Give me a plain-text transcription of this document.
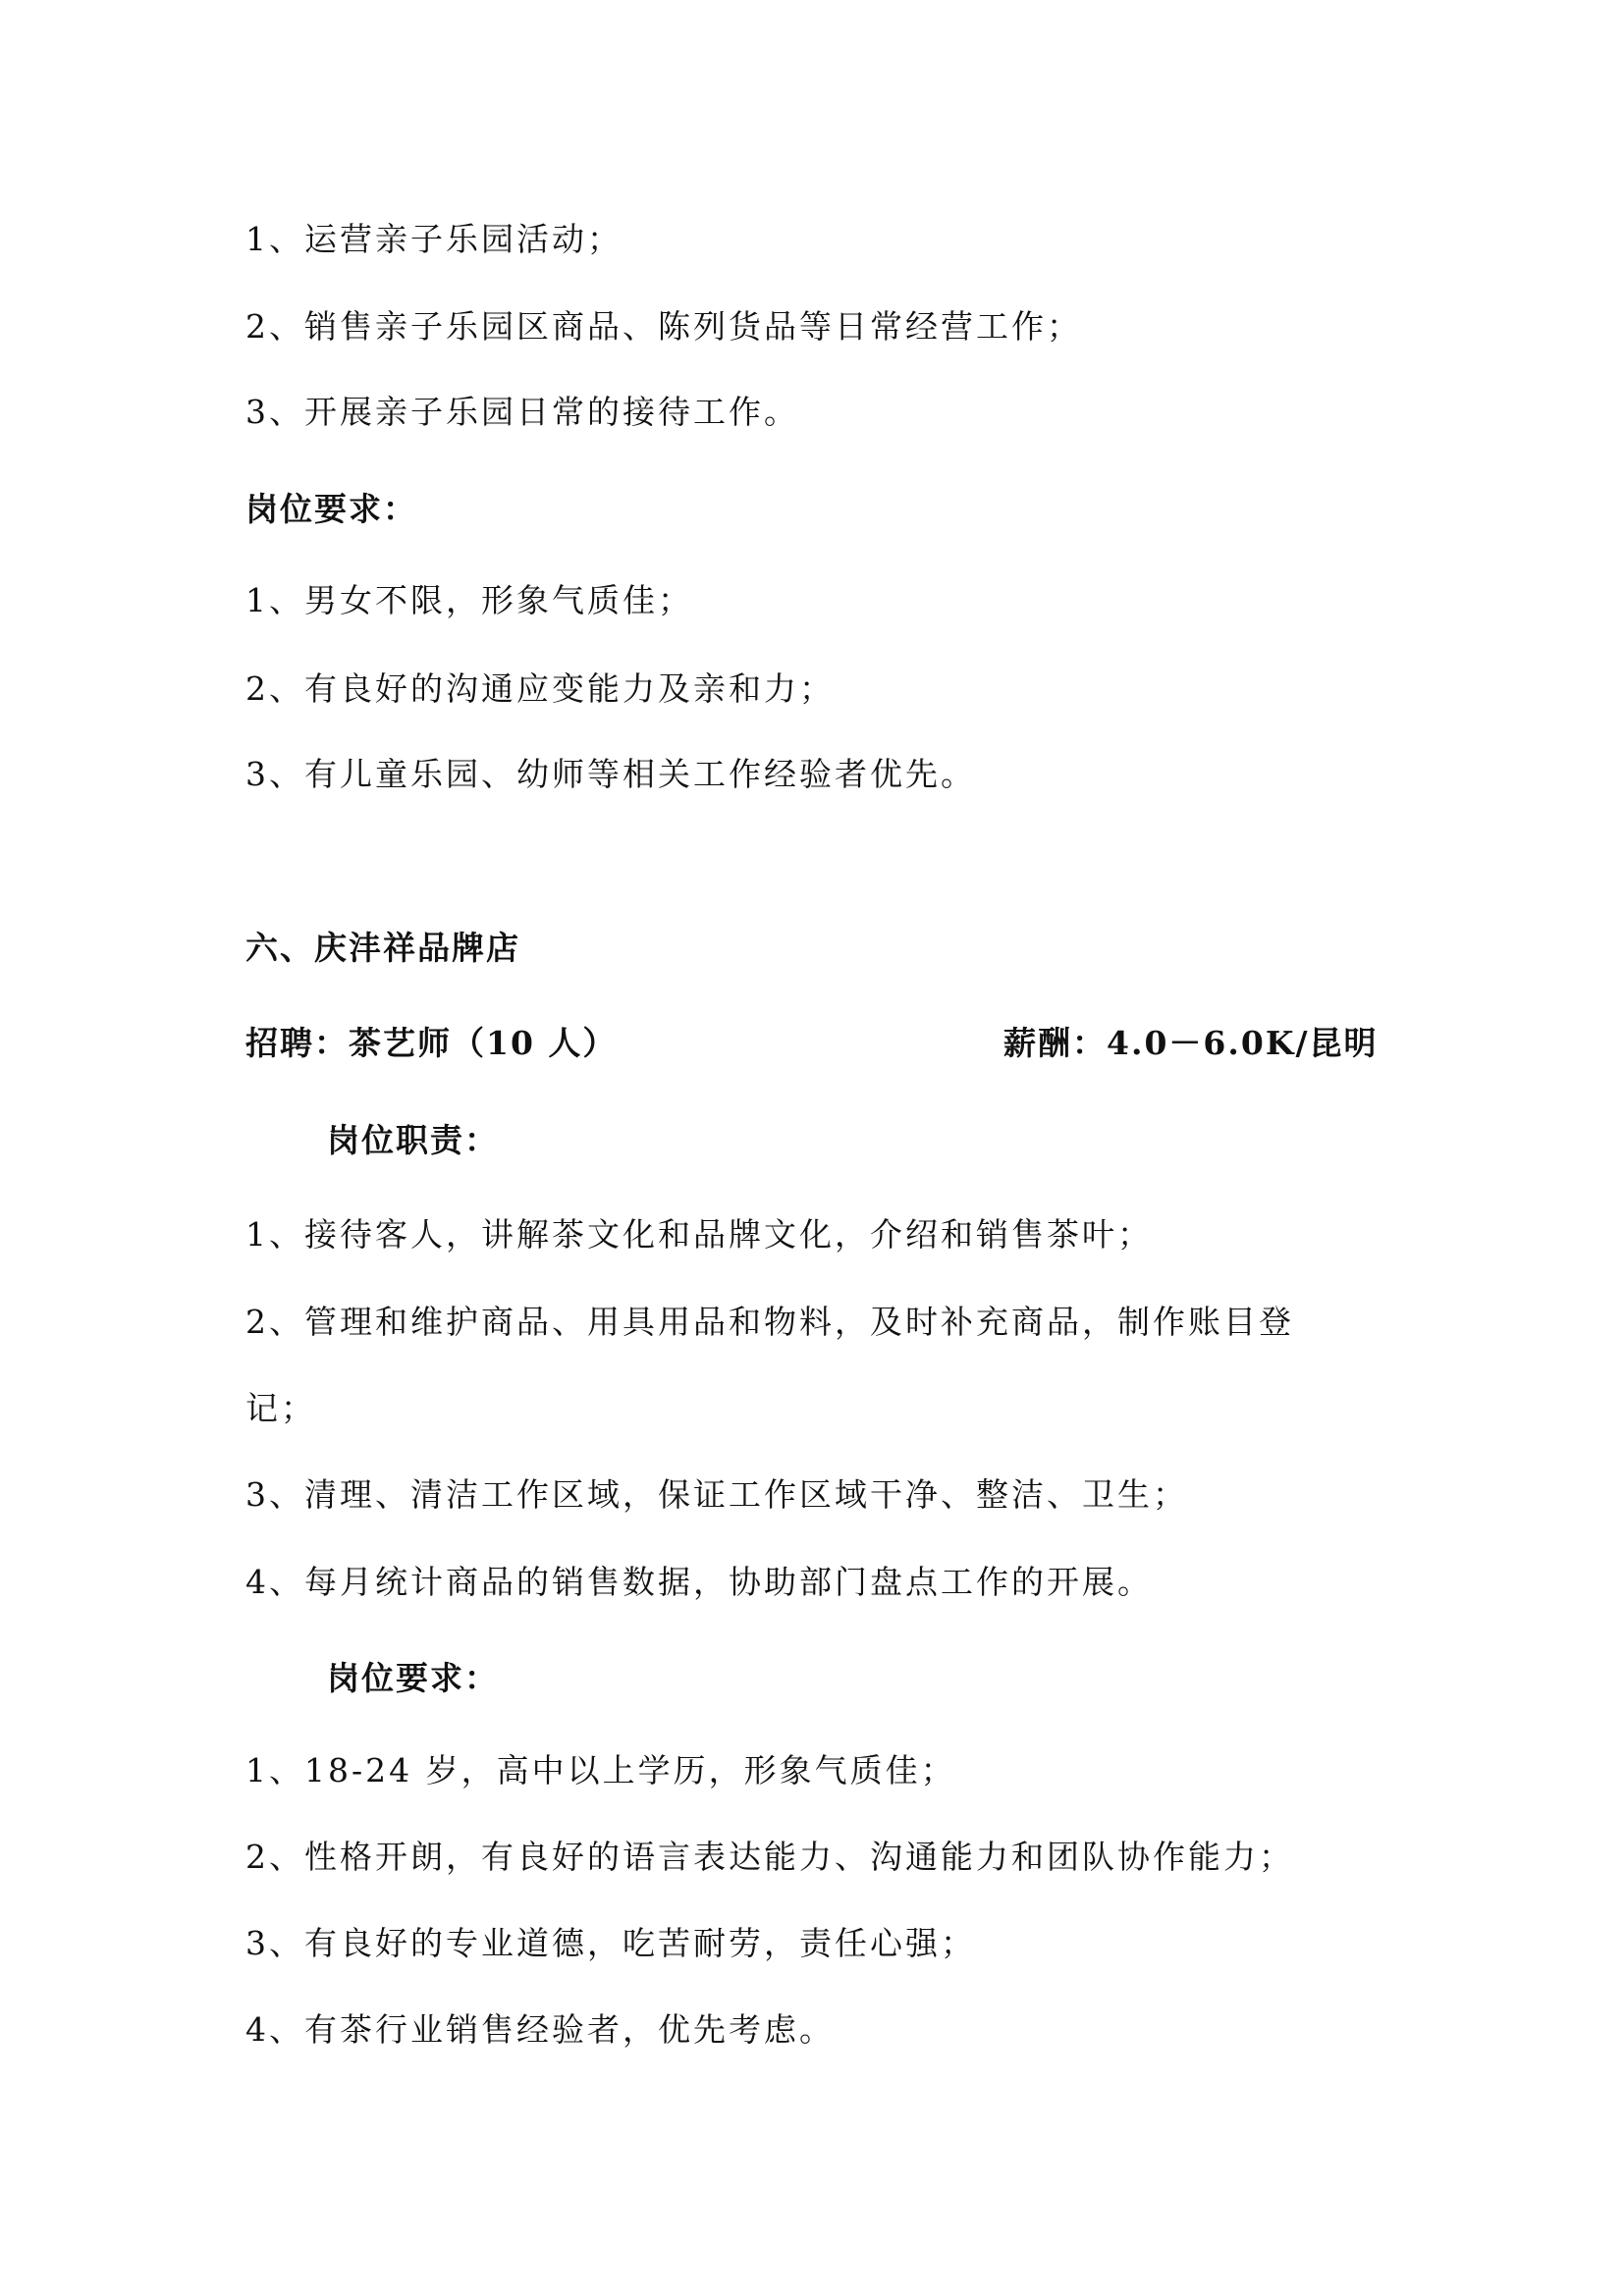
1、运营亲子乐园活动；
2、销售亲子乐园区商品、陈列货品等日常经营工作；
3、开展亲子乐园日常的接待工作。
岗位要求：
1、男女不限，形象气质佳；
2、有良好的沟通应变能力及亲和力；
3、有儿童乐园、幼师等相关工作经验者优先。
六、庆沣祥品牌店
招聘：茶艺师（10 人）	薪酬：4.0－6.0K/昆明
岗位职责：
1、接待客人，讲解茶文化和品牌文化，介绍和销售茶叶；
2、管理和维护商品、用具用品和物料，及时补充商品，制作账目登
记；
3、清理、清洁工作区域，保证工作区域干净、整洁、卫生；
4、每月统计商品的销售数据，协助部门盘点工作的开展。
岗位要求：
1、18-24 岁，高中以上学历，形象气质佳；
2、性格开朗，有良好的语言表达能力、沟通能力和团队协作能力；
3、有良好的专业道德，吃苦耐劳，责任心强；
4、有茶行业销售经验者，优先考虑。
